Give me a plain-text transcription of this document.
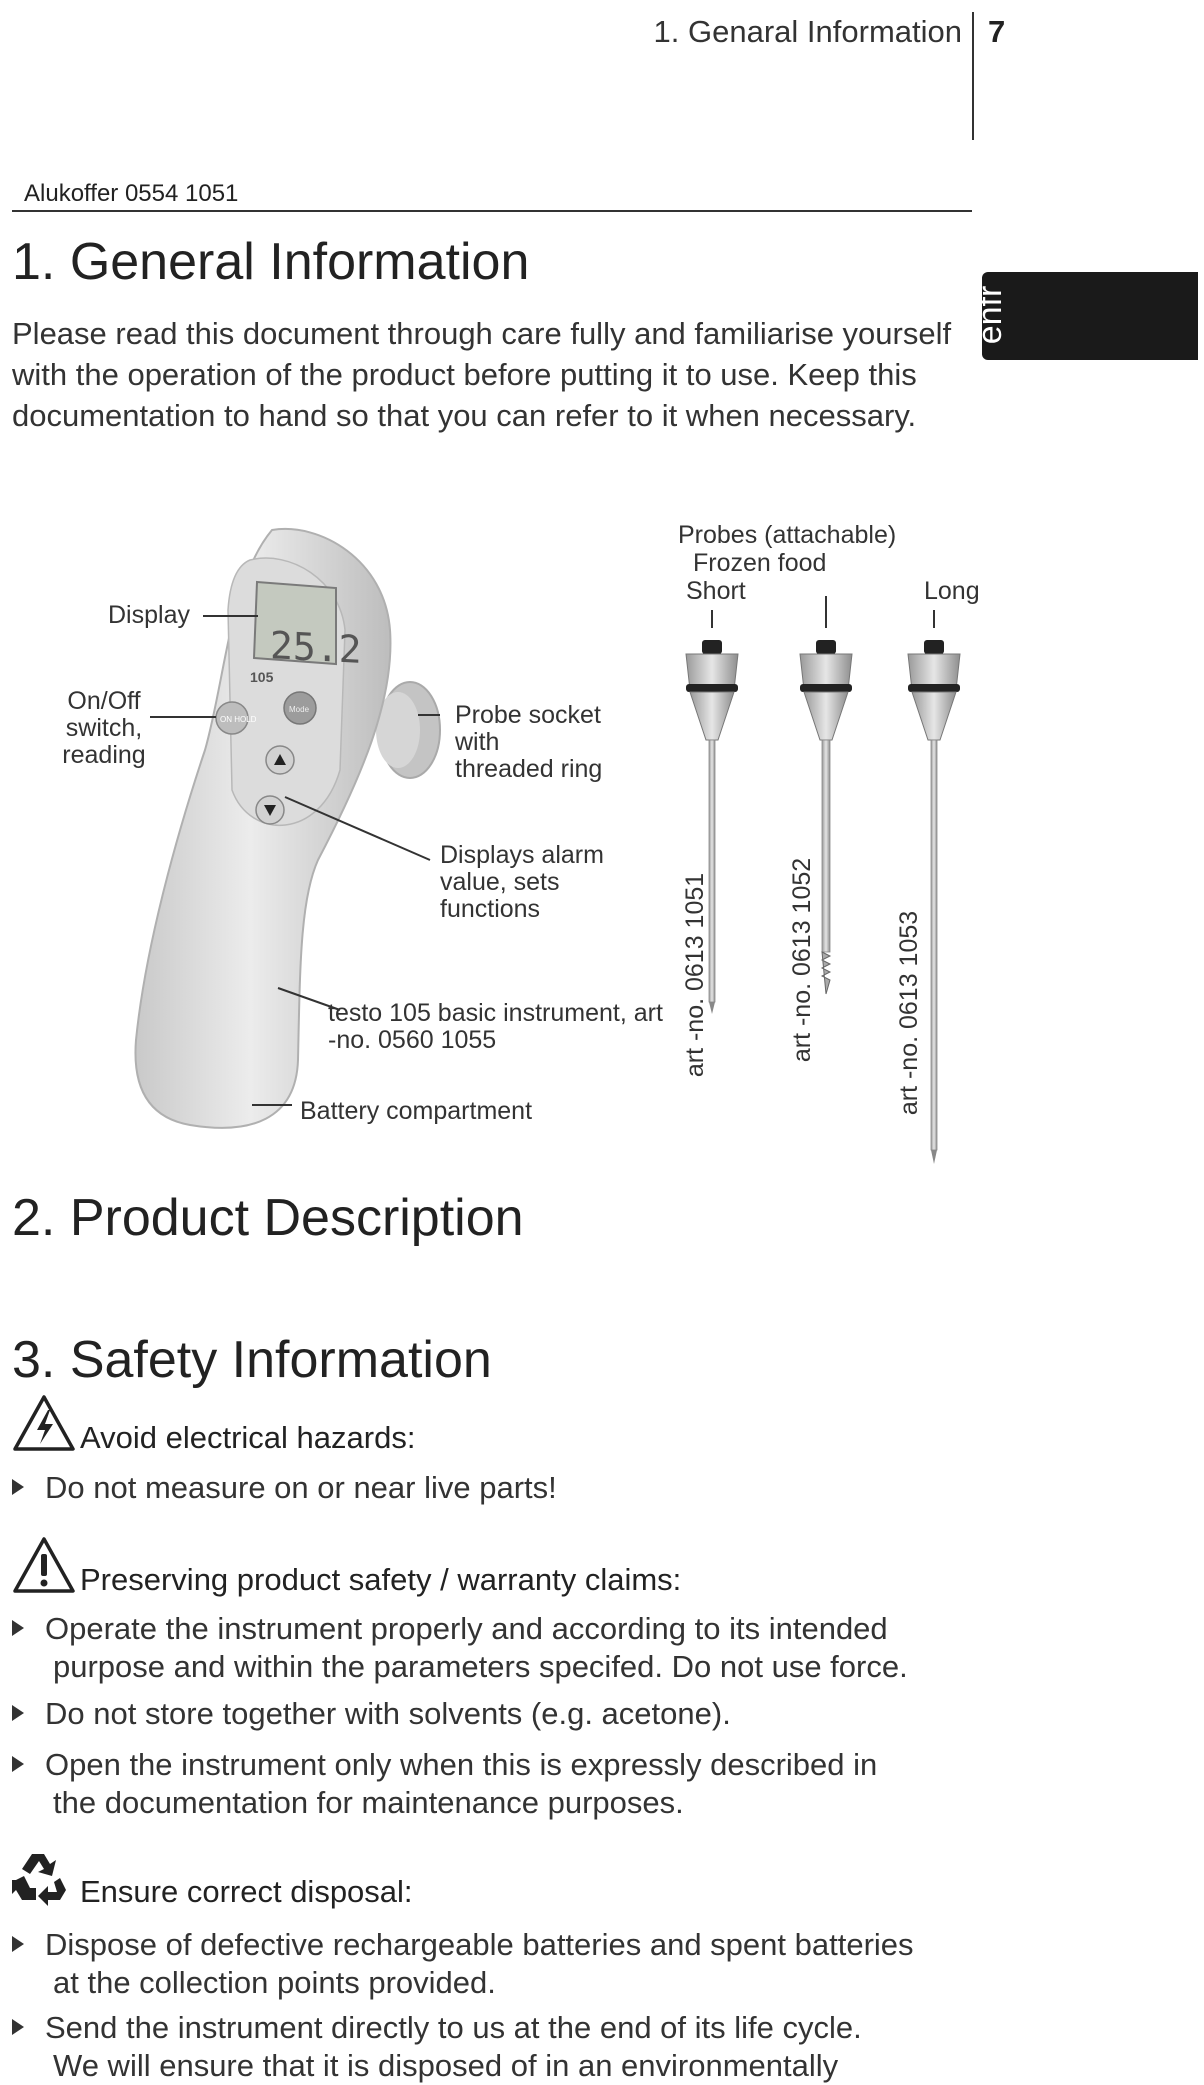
1. Genaral Information 7
Alukoffer 0554 1051
enfr
1. General Information
Please read this document through care fully and familiarise yourself with the operation of the product before putting it to use. Keep this documentation to hand so that you can refer to it when necessary.
25.2
105
ON HOLD
Mode
art -no. 0613 1051	art -no. 0613 1052	art -no. 0613 1053
Display
On/Off switch, reading
Probe socket with threaded ring
Displays alarm value, sets functions
testo 105 basic instrument, art -no. 0560 1055
Battery compartment
Probes (attachable)
Frozen food
Short	Long
2. Product Description
3. Safety Information
Avoid electrical hazards:
Do not measure on or near live parts!
Preserving product safety / warranty claims:
Operate the instrument properly and according to its intended
purpose and within the parameters specifed. Do not use force.
Do not store together with solvents (e.g. acetone).
Open the instrument only when this is expressly described in
the documentation for maintenance purposes.
Ensure correct disposal:
Dispose of defective rechargeable batteries and spent batteries
at the collection points provided.
Send the instrument directly to us at the end of its life cycle.
We will ensure that it is disposed of in an environmentally
